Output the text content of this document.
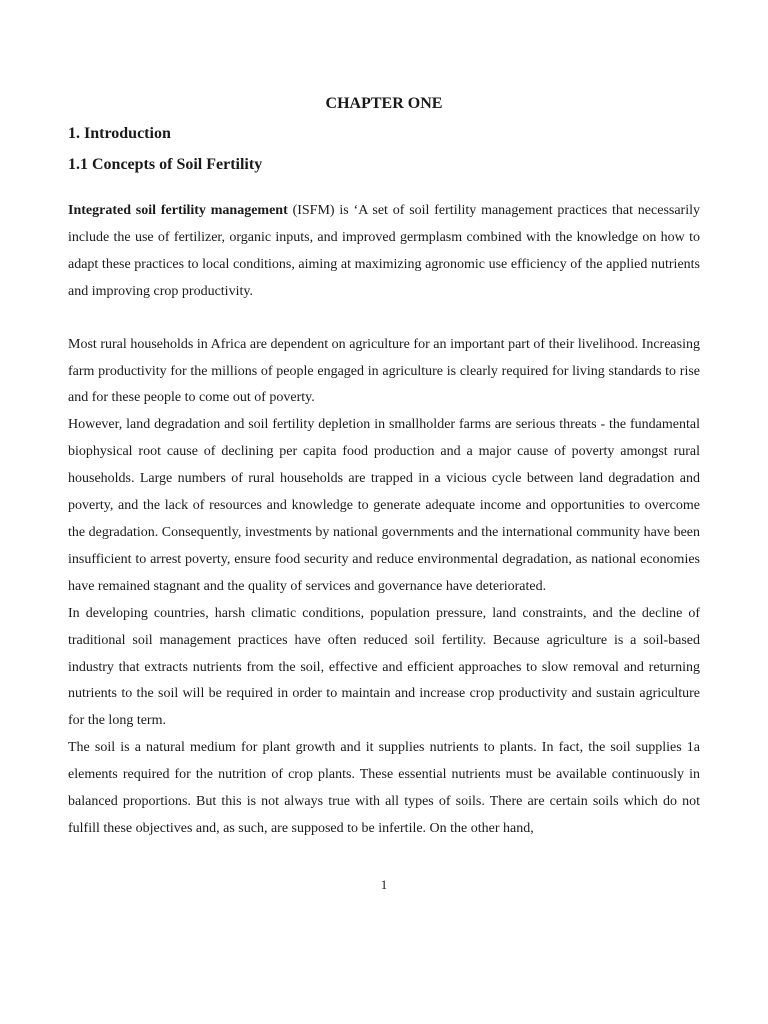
CHAPTER ONE
1. Introduction
1.1 Concepts of Soil Fertility

Integrated soil fertility management (ISFM) is ‘A set of soil fertility management practices that necessarily include the use of fertilizer, organic inputs, and improved germplasm combined with the knowledge on how to adapt these practices to local conditions, aiming at maximizing agronomic use efficiency of the applied nutrients and improving crop productivity.

Most rural households in Africa are dependent on agriculture for an important part of their livelihood. Increasing farm productivity for the millions of people engaged in agriculture is clearly required for living standards to rise and for these people to come out of poverty.

However, land degradation and soil fertility depletion in smallholder farms are serious threats - the fundamental biophysical root cause of declining per capita food production and a major cause of poverty amongst rural households. Large numbers of rural households are trapped in a vicious cycle between land degradation and poverty, and the lack of resources and knowledge to generate adequate income and opportunities to overcome the degradation. Consequently, investments by national governments and the international community have been insufficient to arrest poverty, ensure food security and reduce environmental degradation, as national economies have remained stagnant and the quality of services and governance have deteriorated.

In developing countries, harsh climatic conditions, population pressure, land constraints, and the decline of traditional soil management practices have often reduced soil fertility. Because agriculture is a soil-based industry that extracts nutrients from the soil, effective and efficient approaches to slow removal and returning nutrients to the soil will be required in order to maintain and increase crop productivity and sustain agriculture for the long term.

The soil is a natural medium for plant growth and it supplies nutrients to plants. In fact, the soil supplies 1a elements required for the nutrition of crop plants. These essential nutrients must be available continuously in balanced proportions. But this is not always true with all types of soils. There are certain soils which do not fulfill these objectives and, as such, are supposed to be infertile. On the other hand,

1
